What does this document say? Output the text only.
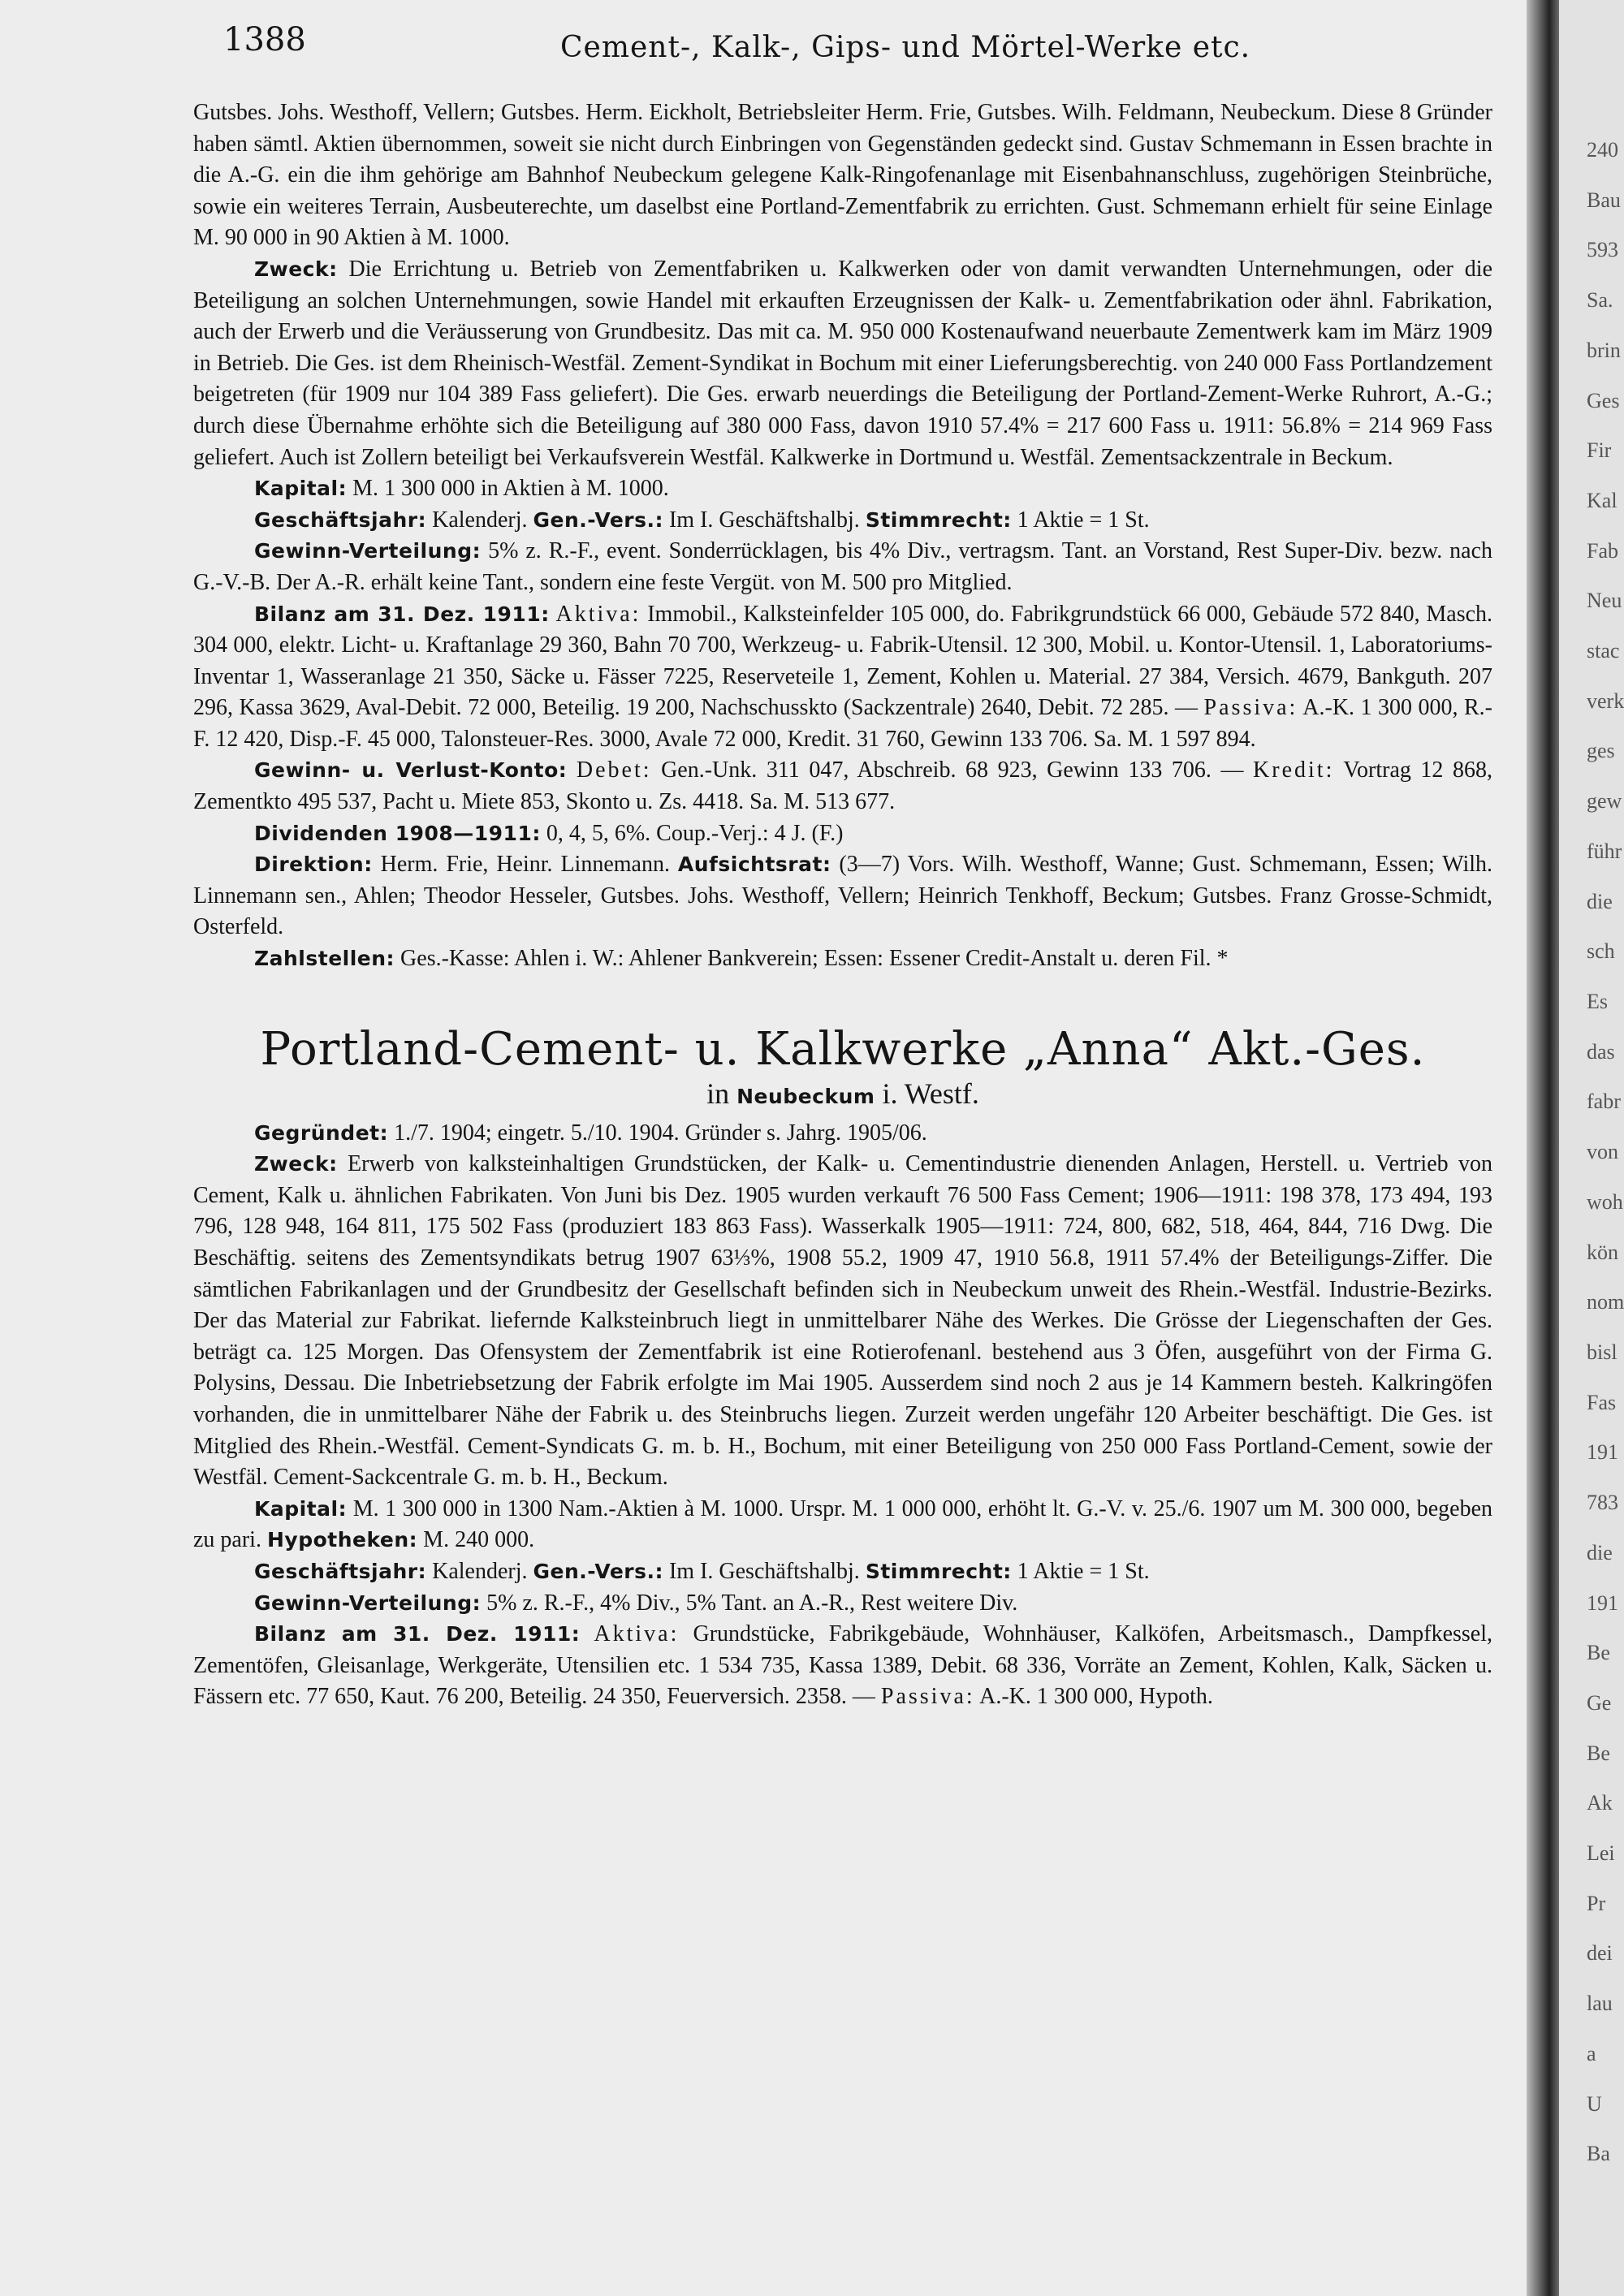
1388	Cement-, Kalk-, Gips- und Mörtel-Werke etc.

Gutsbes. Johs. Westhoff, Vellern; Gutsbes. Herm. Eickholt, Betriebsleiter Herm. Frie, Gutsbes. Wilh. Feldmann, Neubeckum. Diese 8 Gründer haben sämtl. Aktien übernommen, soweit sie nicht durch Einbringen von Gegenständen gedeckt sind. Gustav Schmemann in Essen brachte in die A.-G. ein die ihm gehörige am Bahnhof Neubeckum gelegene Kalk-Ringofenanlage mit Eisenbahnanschluss, zugehörigen Steinbrüche, sowie ein weiteres Terrain, Ausbeuterechte, um daselbst eine Portland-Zementfabrik zu errichten. Gust. Schmemann erhielt für seine Einlage M. 90 000 in 90 Aktien à M. 1000.

Zweck: Die Errichtung u. Betrieb von Zementfabriken u. Kalkwerken oder von damit verwandten Unternehmungen, oder die Beteiligung an solchen Unternehmungen, sowie Handel mit erkauften Erzeugnissen der Kalk- u. Zementfabrikation oder ähnl. Fabrikation, auch der Erwerb und die Veräusserung von Grundbesitz. Das mit ca. M. 950 000 Kostenaufwand neuerbaute Zementwerk kam im März 1909 in Betrieb. Die Ges. ist dem Rheinisch-Westfäl. Zement-Syndikat in Bochum mit einer Lieferungsberechtig. von 240 000 Fass Portlandzement beigetreten (für 1909 nur 104 389 Fass geliefert). Die Ges. erwarb neuerdings die Beteiligung der Portland-Zement-Werke Ruhrort, A.-G.; durch diese Übernahme erhöhte sich die Beteiligung auf 380 000 Fass, davon 1910 57.4% = 217 600 Fass u. 1911: 56.8% = 214 969 Fass geliefert. Auch ist Zollern beteiligt bei Verkaufsverein Westfäl. Kalkwerke in Dortmund u. Westfäl. Zementsackzentrale in Beckum.

Kapital: M. 1 300 000 in Aktien à M. 1000.

Geschäftsjahr: Kalenderj. Gen.-Vers.: Im I. Geschäftshalbj. Stimmrecht: 1 Aktie = 1 St.

Gewinn-Verteilung: 5% z. R.-F., event. Sonderrücklagen, bis 4% Div., vertragsm. Tant. an Vorstand, Rest Super-Div. bezw. nach G.-V.-B. Der A.-R. erhält keine Tant., sondern eine feste Vergüt. von M. 500 pro Mitglied.

Bilanz am 31. Dez. 1911: Aktiva: Immobil., Kalksteinfelder 105 000, do. Fabrikgrundstück 66 000, Gebäude 572 840, Masch. 304 000, elektr. Licht- u. Kraftanlage 29 360, Bahn 70 700, Werkzeug- u. Fabrik-Utensil. 12 300, Mobil. u. Kontor-Utensil. 1, Laboratoriums-Inventar 1, Wasseranlage 21 350, Säcke u. Fässer 7225, Reserveteile 1, Zement, Kohlen u. Material. 27 384, Versich. 4679, Bankguth. 207 296, Kassa 3629, Aval-Debit. 72 000, Beteilig. 19 200, Nachschusskto (Sackzentrale) 2640, Debit. 72 285. — Passiva: A.-K. 1 300 000, R.-F. 12 420, Disp.-F. 45 000, Talonsteuer-Res. 3000, Avale 72 000, Kredit. 31 760, Gewinn 133 706. Sa. M. 1 597 894.

Gewinn- u. Verlust-Konto: Debet: Gen.-Unk. 311 047, Abschreib. 68 923, Gewinn 133 706. — Kredit: Vortrag 12 868, Zementkto 495 537, Pacht u. Miete 853, Skonto u. Zs. 4418. Sa. M. 513 677.

Dividenden 1908—1911: 0, 4, 5, 6%. Coup.-Verj.: 4 J. (F.)

Direktion: Herm. Frie, Heinr. Linnemann. Aufsichtsrat: (3—7) Vors. Wilh. Westhoff, Wanne; Gust. Schmemann, Essen; Wilh. Linnemann sen., Ahlen; Theodor Hesseler, Gutsbes. Johs. Westhoff, Vellern; Heinrich Tenkhoff, Beckum; Gutsbes. Franz Grosse-Schmidt, Osterfeld.

Zahlstellen: Ges.-Kasse: Ahlen i. W.: Ahlener Bankverein; Essen: Essener Credit-Anstalt u. deren Fil. *

Portland-Cement- u. Kalkwerke „Anna“ Akt.-Ges.
in Neubeckum i. Westf.

Gegründet: 1./7. 1904; eingetr. 5./10. 1904. Gründer s. Jahrg. 1905/06.

Zweck: Erwerb von kalksteinhaltigen Grundstücken, der Kalk- u. Cementindustrie dienenden Anlagen, Herstell. u. Vertrieb von Cement, Kalk u. ähnlichen Fabrikaten. Von Juni bis Dez. 1905 wurden verkauft 76 500 Fass Cement; 1906—1911: 198 378, 173 494, 193 796, 128 948, 164 811, 175 502 Fass (produziert 183 863 Fass). Wasserkalk 1905—1911: 724, 800, 682, 518, 464, 844, 716 Dwg. Die Beschäftig. seitens des Zementsyndikats betrug 1907 63⅓%, 1908 55.2, 1909 47, 1910 56.8, 1911 57.4% der Beteiligungs-Ziffer. Die sämtlichen Fabrikanlagen und der Grundbesitz der Gesellschaft befinden sich in Neubeckum unweit des Rhein.-Westfäl. Industrie-Bezirks. Der das Material zur Fabrikat. liefernde Kalksteinbruch liegt in unmittelbarer Nähe des Werkes. Die Grösse der Liegenschaften der Ges. beträgt ca. 125 Morgen. Das Ofensystem der Zementfabrik ist eine Rotierofenanl. bestehend aus 3 Öfen, ausgeführt von der Firma G. Polysins, Dessau. Die Inbetriebsetzung der Fabrik erfolgte im Mai 1905. Ausserdem sind noch 2 aus je 14 Kammern besteh. Kalkringöfen vorhanden, die in unmittelbarer Nähe der Fabrik u. des Steinbruchs liegen. Zurzeit werden ungefähr 120 Arbeiter beschäftigt. Die Ges. ist Mitglied des Rhein.-Westfäl. Cement-Syndicats G. m. b. H., Bochum, mit einer Beteiligung von 250 000 Fass Portland-Cement, sowie der Westfäl. Cement-Sackcentrale G. m. b. H., Beckum.

Kapital: M. 1 300 000 in 1300 Nam.-Aktien à M. 1000. Urspr. M. 1 000 000, erhöht lt. G.-V. v. 25./6. 1907 um M. 300 000, begeben zu pari. Hypotheken: M. 240 000.

Geschäftsjahr: Kalenderj. Gen.-Vers.: Im I. Geschäftshalbj. Stimmrecht: 1 Aktie = 1 St.

Gewinn-Verteilung: 5% z. R.-F., 4% Div., 5% Tant. an A.-R., Rest weitere Div.

Bilanz am 31. Dez. 1911: Aktiva: Grundstücke, Fabrikgebäude, Wohnhäuser, Kalköfen, Arbeitsmasch., Dampfkessel, Zementöfen, Gleisanlage, Werkgeräte, Utensilien etc. 1 534 735, Kassa 1389, Debit. 68 336, Vorräte an Zement, Kohlen, Kalk, Säcken u. Fässern etc. 77 650, Kaut. 76 200, Beteilig. 24 350, Feuerversich. 2358. — Passiva: A.-K. 1 300 000, Hypoth.

240
Bau
593
Sa.
brin
Ges
Fir
Kal
Fab
Neu
stac
verk
ges
gew
führ
die
sch
Es
das
fabr
von
woh
kön
nom
bisl
Fas
191
783
die
191
Be
Ge
Be
Ak
Lei
Pr
dei
lau
a
U
Ba
